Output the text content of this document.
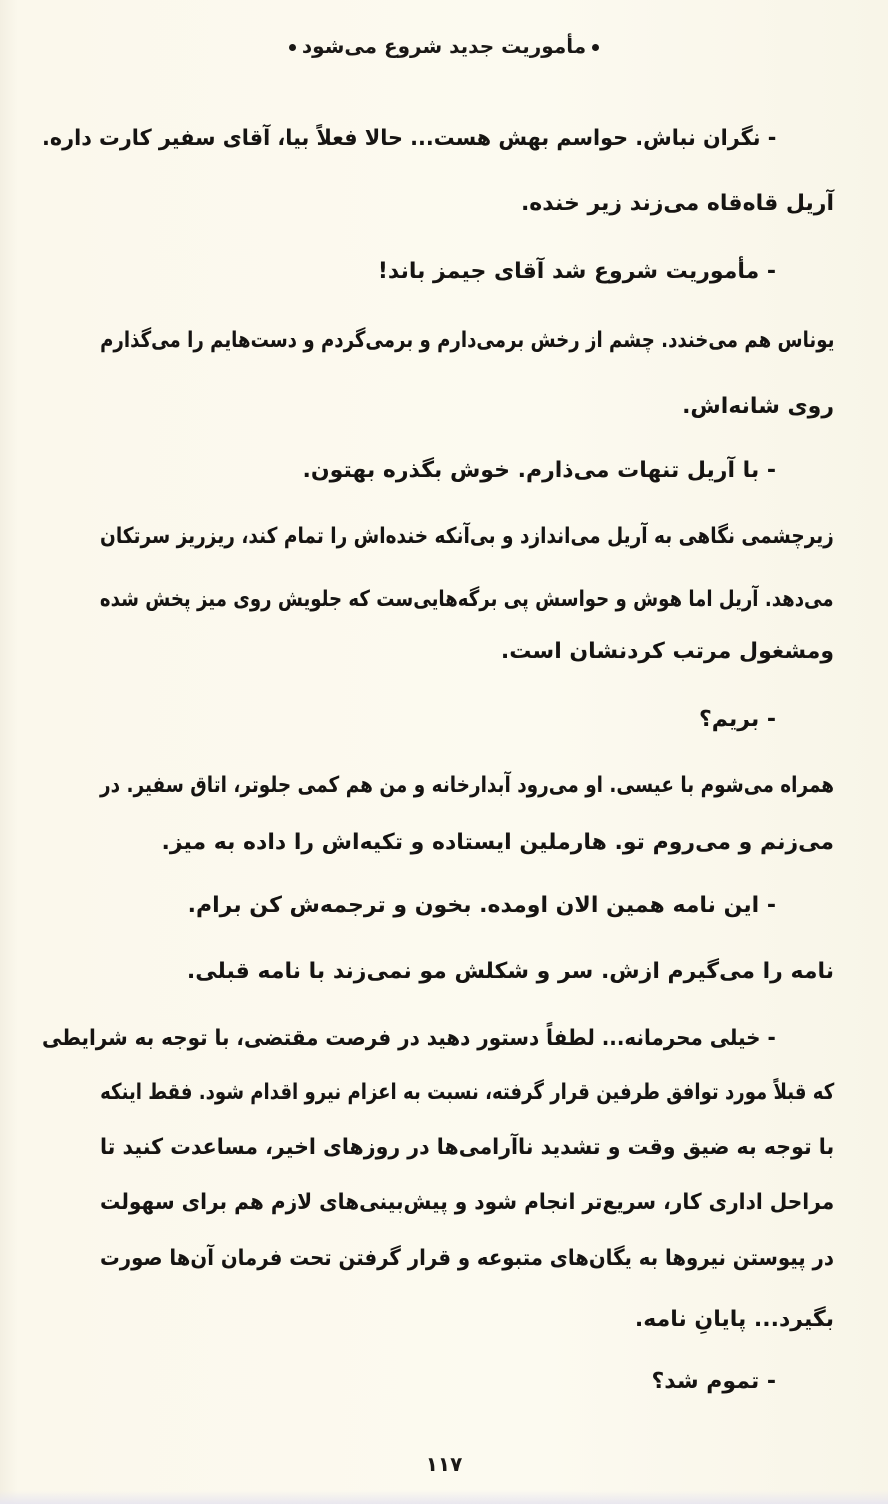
مأموریت جدید شروع می‌شود
- نگران نباش. حواسم بهش هست... حالا فعلاً بیا، آقای سفیر کارت داره.
آریل قاه‌قاه می‌زند زیر خنده.
- مأموریت شروع شد آقای جیمز باند!
یوناس هم می‌خندد. چشم از رخش برمی‌دارم و برمی‌گردم و دست‌هایم را می‌گذارم
روی شانه‌اش.
- با آریل تنهات می‌ذارم. خوش بگذره بهتون.
زیرچشمی نگاهی به آریل می‌اندازد و بی‌آنکه خنده‌اش را تمام کند، ریزریز سرتکان
می‌دهد. آریل اما هوش و حواسش پی برگه‌هایی‌ست که جلویش روی میز پخش شده
ومشغول مرتب کردنشان است.
- بریم؟
همراه می‌شوم با عیسی. او می‌رود آبدارخانه و من هم کمی جلوتر، اتاق سفیر. در
می‌زنم و می‌روم تو. هارملین ایستاده و تکیه‌اش را داده به میز.
- این نامه همین الان اومده. بخون و ترجمه‌ش کن برام.
نامه را می‌گیرم ازش. سر و شکلش مو نمی‌زند با نامه قبلی.
- خیلی محرمانه... لطفاً دستور دهید در فرصت مقتضی، با توجه به شرایطی
که قبلاً مورد توافق طرفین قرار گرفته، نسبت به اعزام نیرو اقدام شود. فقط اینکه
با توجه به ضیق وقت و تشدید ناآرامی‌ها در روزهای اخیر، مساعدت کنید تا
مراحل اداری کار، سریع‌تر انجام شود و پیش‌بینی‌های لازم هم برای سهولت
در پیوستن نیروها به یگان‌های متبوعه و قرار گرفتن تحت فرمان آن‌ها صورت
بگیرد... پایانِ نامه.
- تموم شد؟
۱۱۷
